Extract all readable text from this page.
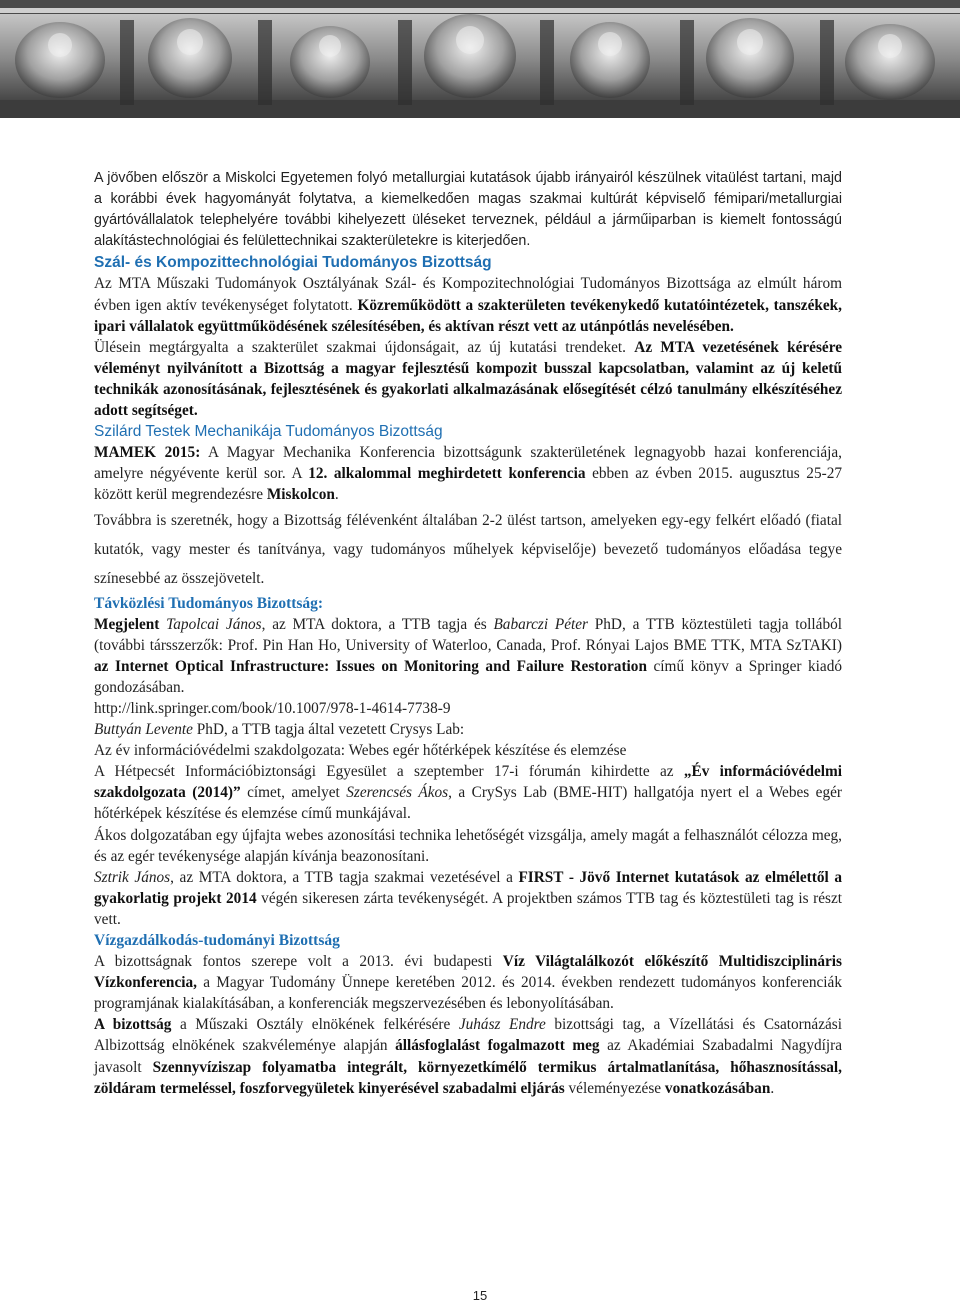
A jövőben először a Miskolci Egyetemen folyó metallurgiai kutatások újabb irányairól készülnek vitaülést tartani, majd a korábbi évek hagyományát folytatva, a kiemelkedően magas szakmai kultúrát képviselő fémipari/metallurgiai gyártóvállalatok telephelyére további kihelyezett üléseket terveznek, például a járműiparban is kiemelt fontosságú alakítástechnológiai és felülettechnikai szakterületekre is kiterjedően.

Szál- és Kompozittechnológiai Tudományos Bizottság

Az MTA Műszaki Tudományok Osztályának Szál- és Kompozitechnológiai Tudományos Bizottsága az elmúlt három évben igen aktív tevékenységet folytatott. Közreműködött a szakterületen tevékenykedő kutatóintézetek, tanszékek, ipari vállalatok együttműködésének szélesítésében, és aktívan részt vett az utánpótlás nevelésében.

Ülésein megtárgyalta a szakterület szakmai újdonságait, az új kutatási trendeket. Az MTA vezetésének kérésére véleményt nyilvánított a Bizottság a magyar fejlesztésű kompozit busszal kapcsolatban, valamint az új keletű technikák azonosításának, fejlesztésének és gyakorlati alkalmazásának elősegítését célzó tanulmány elkészítéséhez adott segítséget.

Szilárd Testek Mechanikája Tudományos Bizottság

MAMEK 2015: A Magyar Mechanika Konferencia bizottságunk szakterületének legnagyobb hazai konferenciája, amelyre négyévente kerül sor. A 12. alkalommal meghirdetett konferencia ebben az évben 2015. augusztus 25-27 között kerül megrendezésre Miskolcon.

Továbbra is szeretnék, hogy a Bizottság félévenként általában 2-2 ülést tartson, amelyeken egy-egy felkért előadó (fiatal kutatók, vagy mester és tanítványa, vagy tudományos műhelyek képviselője) bevezető tudományos előadása tegye színesebbé az összejövetelt.

Távközlési Tudományos Bizottság:

Megjelent Tapolcai János, az MTA doktora, a TTB tagja és Babarczi Péter PhD, a TTB köztestületi tagja tollából (további társszerzők: Prof. Pin Han Ho, University of Waterloo, Canada, Prof. Rónyai Lajos BME TTK, MTA SzTAKI) az Internet Optical Infrastructure: Issues on Monitoring and Failure Restoration című könyv a Springer kiadó gondozásában.

http://link.springer.com/book/10.1007/978-1-4614-7738-9

Buttyán Levente PhD, a TTB tagja által vezetett Crysys Lab:

Az év információvédelmi szakdolgozata: Webes egér hőtérképek készítése és elemzése

A Hétpecsét Információbiztonsági Egyesület a szeptember 17-i fórumán kihirdette az „Év információvédelmi szakdolgozata (2014)” címet, amelyet Szerencsés Ákos, a CrySys Lab (BME-HIT) hallgatója nyert el a Webes egér hőtérképek készítése és elemzése című munkájával.

Ákos dolgozatában egy újfajta webes azonosítási technika lehetőségét vizsgálja, amely magát a felhasználót célozza meg, és az egér tevékenysége alapján kívánja beazonosítani.

Sztrik János, az MTA doktora, a TTB tagja szakmai vezetésével a FIRST - Jövő Internet kutatások az elmélettől a gyakorlatig projekt 2014 végén sikeresen zárta tevékenységét. A projektben számos TTB tag és köztestületi tag is részt vett.

Vízgazdálkodás-tudományi Bizottság

A bizottságnak fontos szerepe volt a 2013. évi budapesti Víz Világtalálkozót előkészítő Multidiszciplináris Vízkonferencia, a Magyar Tudomány Ünnepe keretében 2012. és 2014. években rendezett tudományos konferenciák programjának kialakításában, a konferenciák megszervezésében és lebonyolításában.

A bizottság a Műszaki Osztály elnökének felkérésére Juhász Endre bizottsági tag, a Vízellátási és Csatornázási Albizottság elnökének szakvéleménye alapján állásfoglalást fogalmazott meg az Akadémiai Szabadalmi Nagydíjra javasolt Szennyvíziszap folyamatba integrált, környezetkímélő termikus ártalmatlanítása, hőhasznosítással, zöldáram termeléssel, foszforvegyületek kinyerésével szabadalmi eljárás véleményezése vonatkozásában.

15
